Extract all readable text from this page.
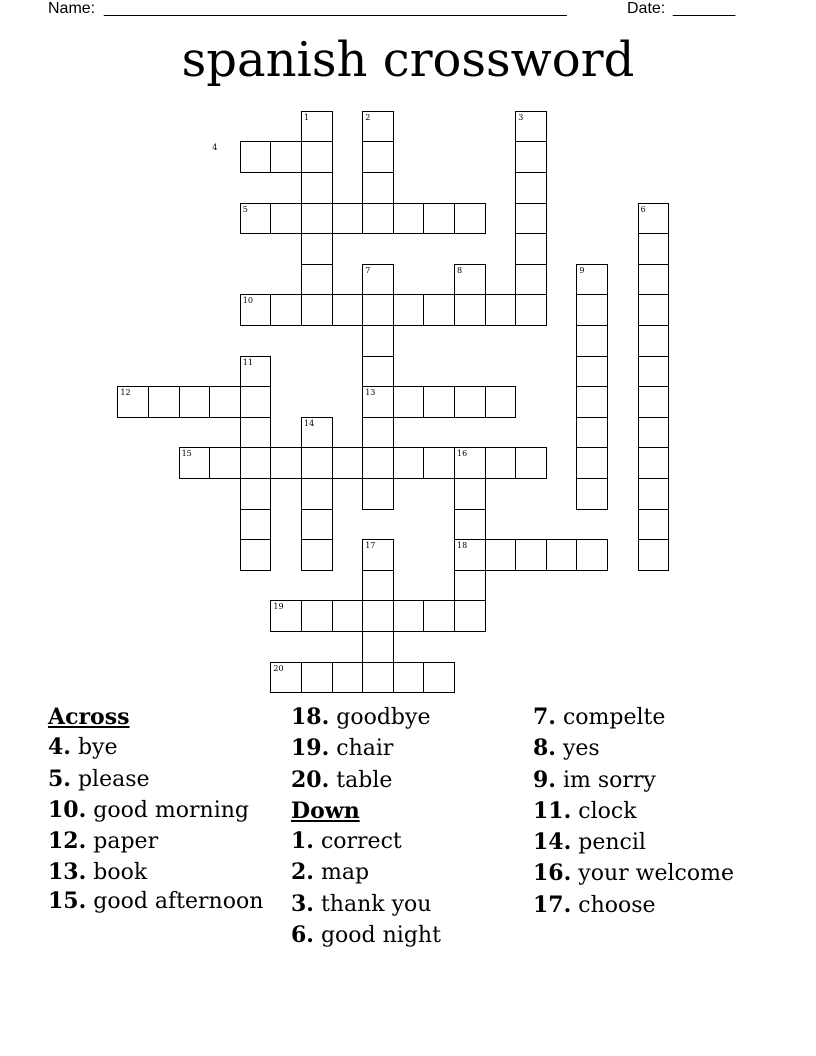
Name: ____________________________________________________	Date: _______
spanish crossword
1	2	3
4
5	6
7	8	9
10
11
12	13
14
15	16
17	18
19
20
Across
4. bye
5. please
10. good morning
12. paper
13. book
15. good afternoon
18. goodbye
19. chair
20. table
Down
1. correct
2. map
3. thank you
6. good night
7. compelte
8. yes
9. im sorry
11. clock
14. pencil
16. your welcome
17. choose
